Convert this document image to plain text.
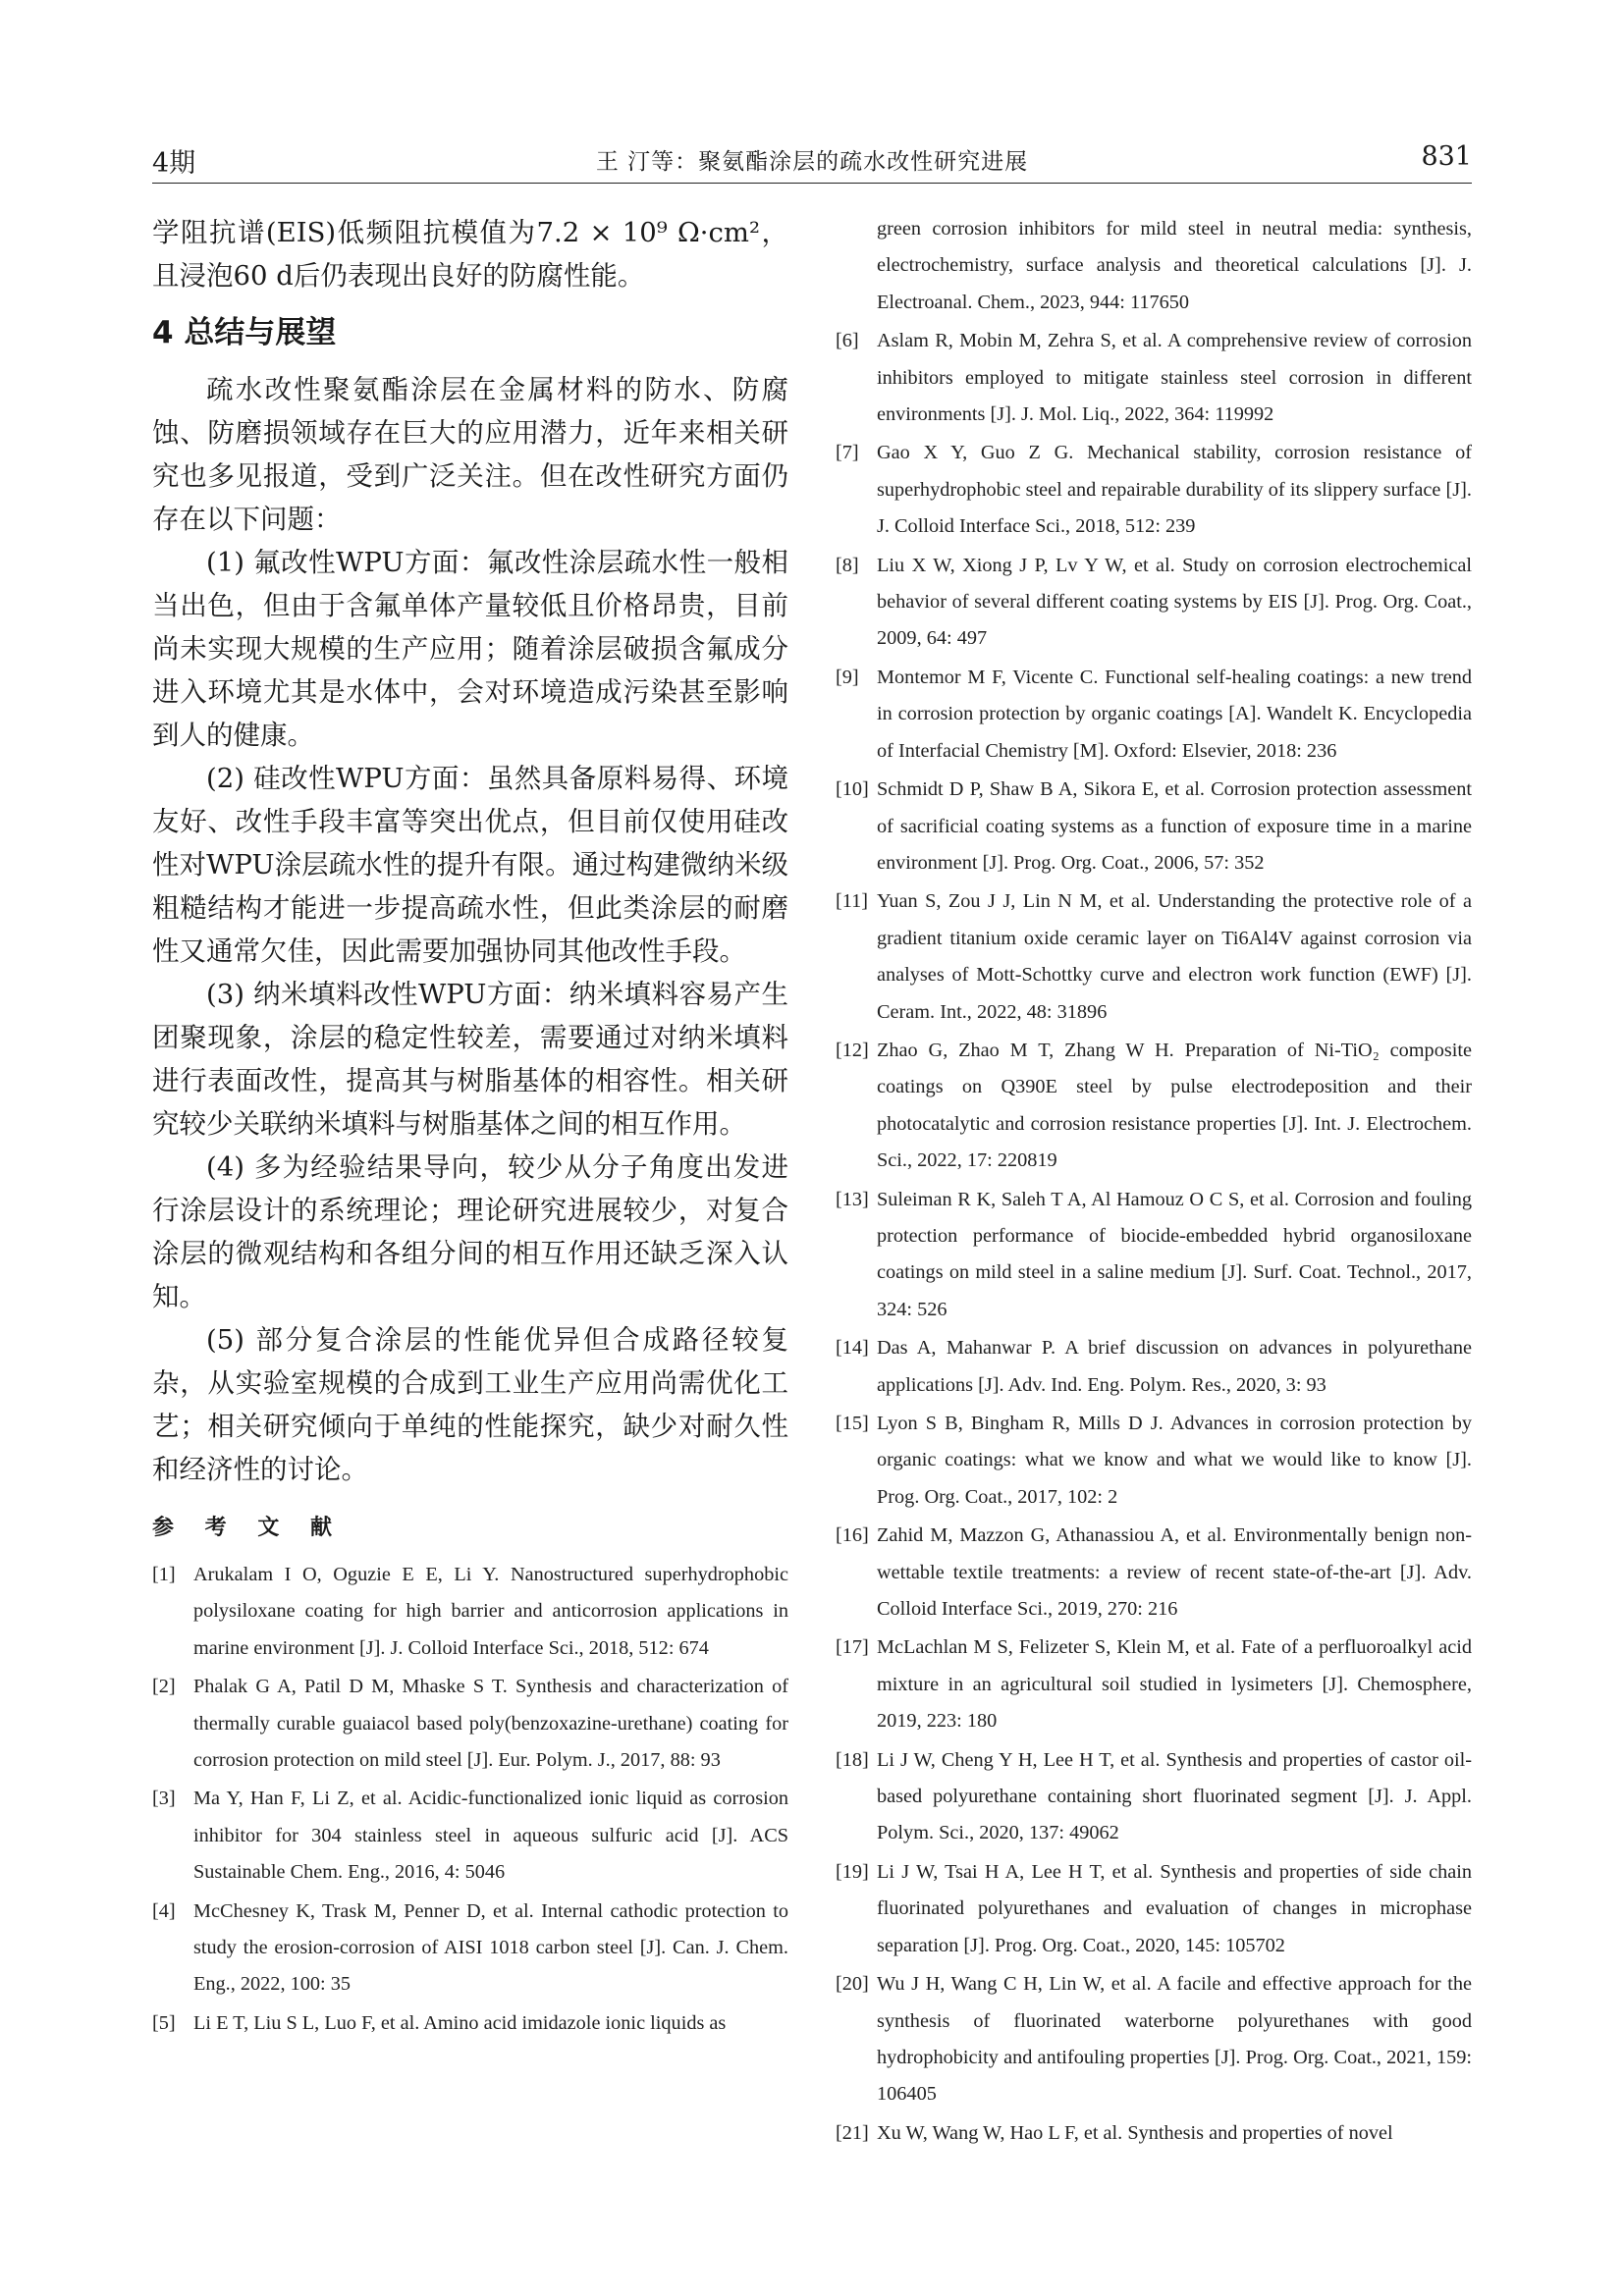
4期	王 汀等：聚氨酯涂层的疏水改性研究进展	831

学阻抗谱(EIS)低频阻抗模值为7.2 × 10⁹ Ω·cm²，且浸泡60 d后仍表现出良好的防腐性能。

4 总结与展望

疏水改性聚氨酯涂层在金属材料的防水、防腐蚀、防磨损领域存在巨大的应用潜力，近年来相关研究也多见报道，受到广泛关注。但在改性研究方面仍存在以下问题：

(1) 氟改性WPU方面：氟改性涂层疏水性一般相当出色，但由于含氟单体产量较低且价格昂贵，目前尚未实现大规模的生产应用；随着涂层破损含氟成分进入环境尤其是水体中，会对环境造成污染甚至影响到人的健康。

(2) 硅改性WPU方面：虽然具备原料易得、环境友好、改性手段丰富等突出优点，但目前仅使用硅改性对WPU涂层疏水性的提升有限。通过构建微纳米级粗糙结构才能进一步提高疏水性，但此类涂层的耐磨性又通常欠佳，因此需要加强协同其他改性手段。

(3) 纳米填料改性WPU方面：纳米填料容易产生团聚现象，涂层的稳定性较差，需要通过对纳米填料进行表面改性，提高其与树脂基体的相容性。相关研究较少关联纳米填料与树脂基体之间的相互作用。

(4) 多为经验结果导向，较少从分子角度出发进行涂层设计的系统理论；理论研究进展较少，对复合涂层的微观结构和各组分间的相互作用还缺乏深入认知。

(5) 部分复合涂层的性能优异但合成路径较复杂，从实验室规模的合成到工业生产应用尚需优化工艺；相关研究倾向于单纯的性能探究，缺少对耐久性和经济性的讨论。

参 考 文 献
[1] Arukalam I O, Oguzie E E, Li Y. Nanostructured superhydrophobic polysiloxane coating for high barrier and anticorrosion applications in marine environment [J]. J. Colloid Interface Sci., 2018, 512: 674
[2] Phalak G A, Patil D M, Mhaske S T. Synthesis and characterization of thermally curable guaiacol based poly(benzoxazine-urethane) coating for corrosion protection on mild steel [J]. Eur. Polym. J., 2017, 88: 93
[3] Ma Y, Han F, Li Z, et al. Acidic-functionalized ionic liquid as corrosion inhibitor for 304 stainless steel in aqueous sulfuric acid [J]. ACS Sustainable Chem. Eng., 2016, 4: 5046
[4] McChesney K, Trask M, Penner D, et al. Internal cathodic protection to study the erosion-corrosion of AISI 1018 carbon steel [J]. Can. J. Chem. Eng., 2022, 100: 35
[5] Li E T, Liu S L, Luo F, et al. Amino acid imidazole ionic liquids as
green corrosion inhibitors for mild steel in neutral media: synthesis, electrochemistry, surface analysis and theoretical calculations [J]. J. Electroanal. Chem., 2023, 944: 117650
[6] Aslam R, Mobin M, Zehra S, et al. A comprehensive review of corrosion inhibitors employed to mitigate stainless steel corrosion in different environments [J]. J. Mol. Liq., 2022, 364: 119992
[7] Gao X Y, Guo Z G. Mechanical stability, corrosion resistance of superhydrophobic steel and repairable durability of its slippery surface [J]. J. Colloid Interface Sci., 2018, 512: 239
[8] Liu X W, Xiong J P, Lv Y W, et al. Study on corrosion electrochemical behavior of several different coating systems by EIS [J]. Prog. Org. Coat., 2009, 64: 497
[9] Montemor M F, Vicente C. Functional self-healing coatings: a new trend in corrosion protection by organic coatings [A]. Wandelt K. Encyclopedia of Interfacial Chemistry [M]. Oxford: Elsevier, 2018: 236
[10] Schmidt D P, Shaw B A, Sikora E, et al. Corrosion protection assessment of sacrificial coating systems as a function of exposure time in a marine environment [J]. Prog. Org. Coat., 2006, 57: 352
[11] Yuan S, Zou J J, Lin N M, et al. Understanding the protective role of a gradient titanium oxide ceramic layer on Ti6Al4V against corrosion via analyses of Mott-Schottky curve and electron work function (EWF) [J]. Ceram. Int., 2022, 48: 31896
[12] Zhao G, Zhao M T, Zhang W H. Preparation of Ni-TiO₂ composite coatings on Q390E steel by pulse electrodeposition and their photocatalytic and corrosion resistance properties [J]. Int. J. Electrochem. Sci., 2022, 17: 220819
[13] Suleiman R K, Saleh T A, Al Hamouz O C S, et al. Corrosion and fouling protection performance of biocide-embedded hybrid organosiloxane coatings on mild steel in a saline medium [J]. Surf. Coat. Technol., 2017, 324: 526
[14] Das A, Mahanwar P. A brief discussion on advances in polyurethane applications [J]. Adv. Ind. Eng. Polym. Res., 2020, 3: 93
[15] Lyon S B, Bingham R, Mills D J. Advances in corrosion protection by organic coatings: what we know and what we would like to know [J]. Prog. Org. Coat., 2017, 102: 2
[16] Zahid M, Mazzon G, Athanassiou A, et al. Environmentally benign non-wettable textile treatments: a review of recent state-of-the-art [J]. Adv. Colloid Interface Sci., 2019, 270: 216
[17] McLachlan M S, Felizeter S, Klein M, et al. Fate of a perfluoroalkyl acid mixture in an agricultural soil studied in lysimeters [J]. Chemosphere, 2019, 223: 180
[18] Li J W, Cheng Y H, Lee H T, et al. Synthesis and properties of castor oil-based polyurethane containing short fluorinated segment [J]. J. Appl. Polym. Sci., 2020, 137: 49062
[19] Li J W, Tsai H A, Lee H T, et al. Synthesis and properties of side chain fluorinated polyurethanes and evaluation of changes in microphase separation [J]. Prog. Org. Coat., 2020, 145: 105702
[20] Wu J H, Wang C H, Lin W, et al. A facile and effective approach for the synthesis of fluorinated waterborne polyurethanes with good hydrophobicity and antifouling properties [J]. Prog. Org. Coat., 2021, 159: 106405
[21] Xu W, Wang W, Hao L F, et al. Synthesis and properties of novel
